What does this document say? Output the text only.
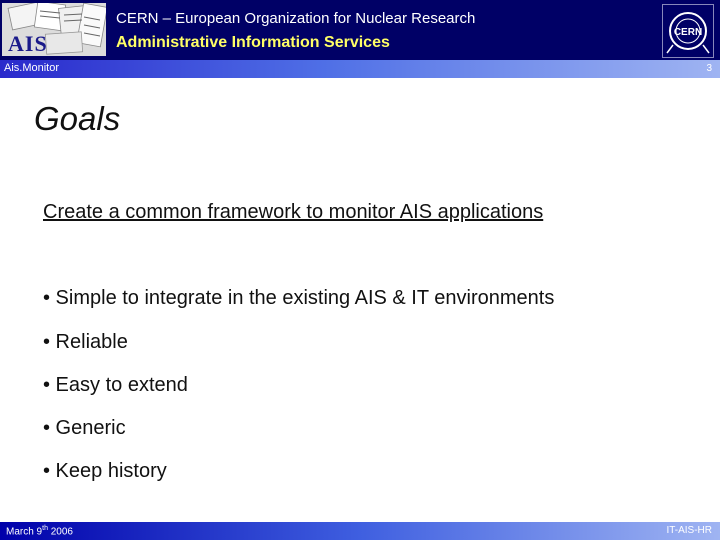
AIS
CERN – European Organization for Nuclear Research
Administrative Information Services
CERN
Ais.Monitor	3
Goals
Create a common framework to monitor AIS applications
• Simple to integrate in the existing AIS & IT environments
• Reliable
• Easy to extend
• Generic
• Keep history
March 9th 2006	IT-AIS-HR
